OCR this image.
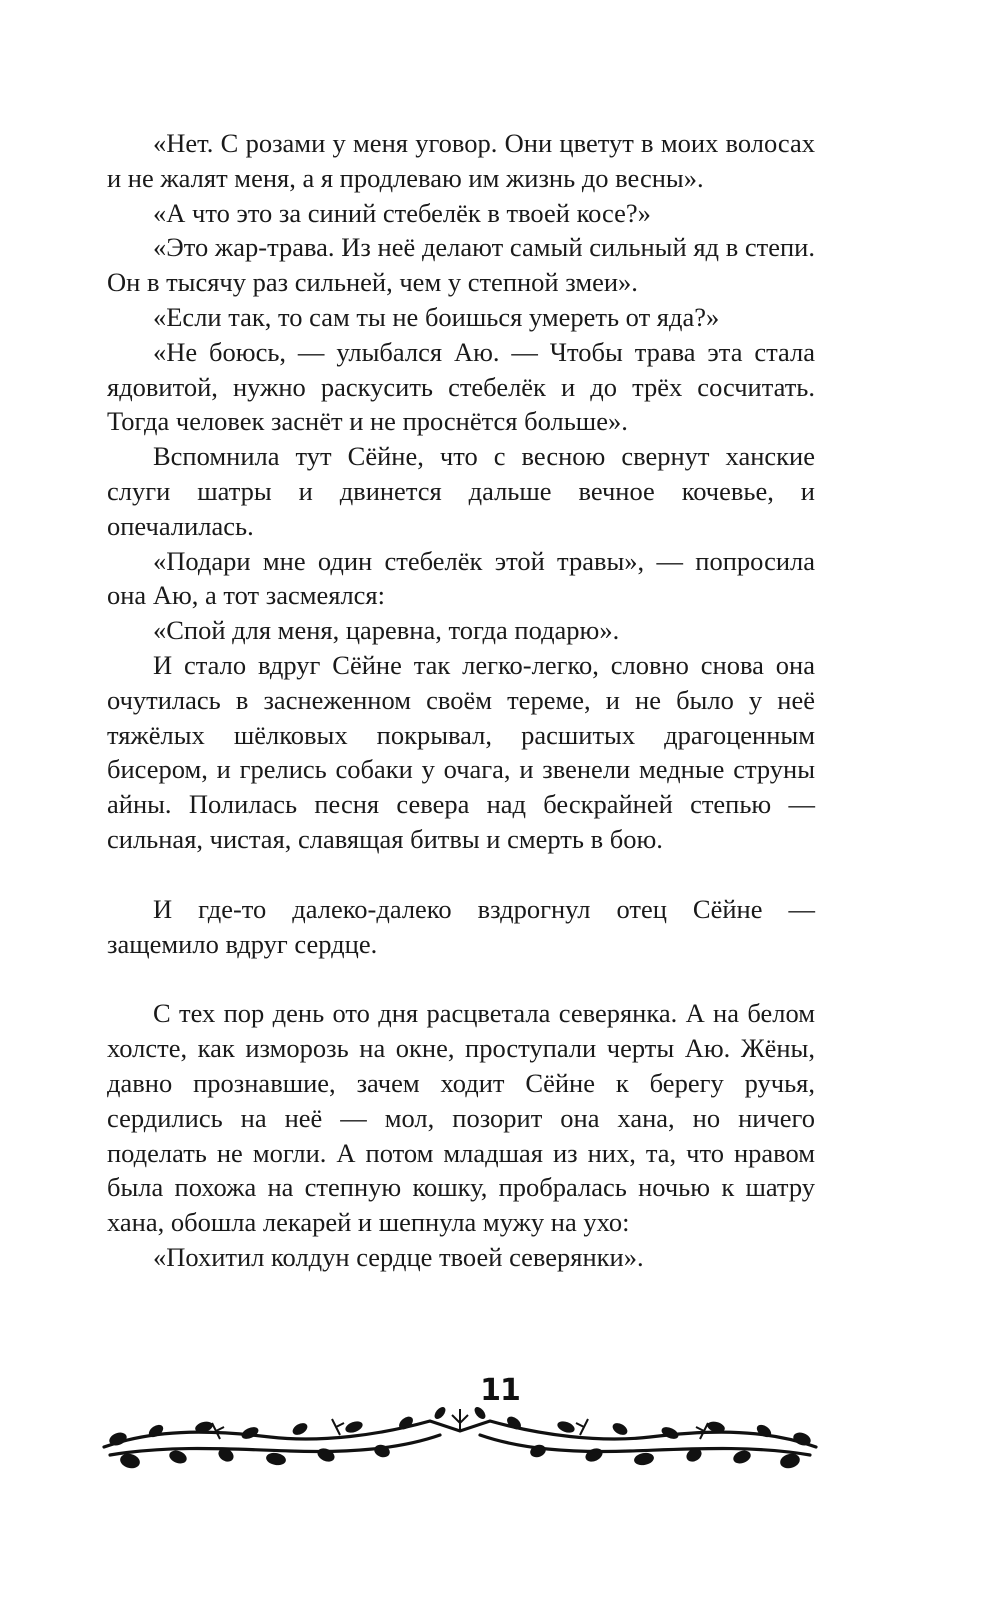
«Нет. С розами у меня уговор. Они цветут в моих волосах и не жалят меня, а я продлеваю им жизнь до весны».

«А что это за синий стебелёк в твоей косе?»

«Это жар-трава. Из неё делают самый сильный яд в степи. Он в тысячу раз сильней, чем у степной змеи».

«Если так, то сам ты не боишься умереть от яда?»

«Не боюсь, — улыбался Аю. — Чтобы трава эта стала ядовитой, нужно раскусить стебелёк и до трёх сосчитать. Тогда человек заснёт и не проснётся больше».

Вспомнила тут Сёйне, что с весною свернут ханские слуги шатры и двинется дальше вечное кочевье, и опечалилась.

«Подари мне один стебелёк этой травы», — попросила она Аю, а тот засмеялся:

«Спой для меня, царевна, тогда подарю».

И стало вдруг Сёйне так легко-легко, словно снова она очутилась в заснеженном своём тереме, и не было у неё тяжёлых шёлковых покрывал, расшитых драгоценным бисером, и грелись собаки у очага, и звенели медные струны айны. Полилась песня севера над бескрайней степью — сильная, чистая, славящая битвы и смерть в бою.

И где-то далеко-далеко вздрогнул отец Сёйне — защемило вдруг сердце.

С тех пор день ото дня расцветала северянка. А на белом холсте, как изморозь на окне, проступали черты Аю. Жёны, давно прознавшие, зачем ходит Сёйне к берегу ручья, сердились на неё — мол, позорит она хана, но ничего поделать не могли. А потом младшая из них, та, что нравом была похожа на степную кошку, пробралась ночью к шатру хана, обошла лекарей и шепнула мужу на ухо:

«Похитил колдун сердце твоей северянки».

11
